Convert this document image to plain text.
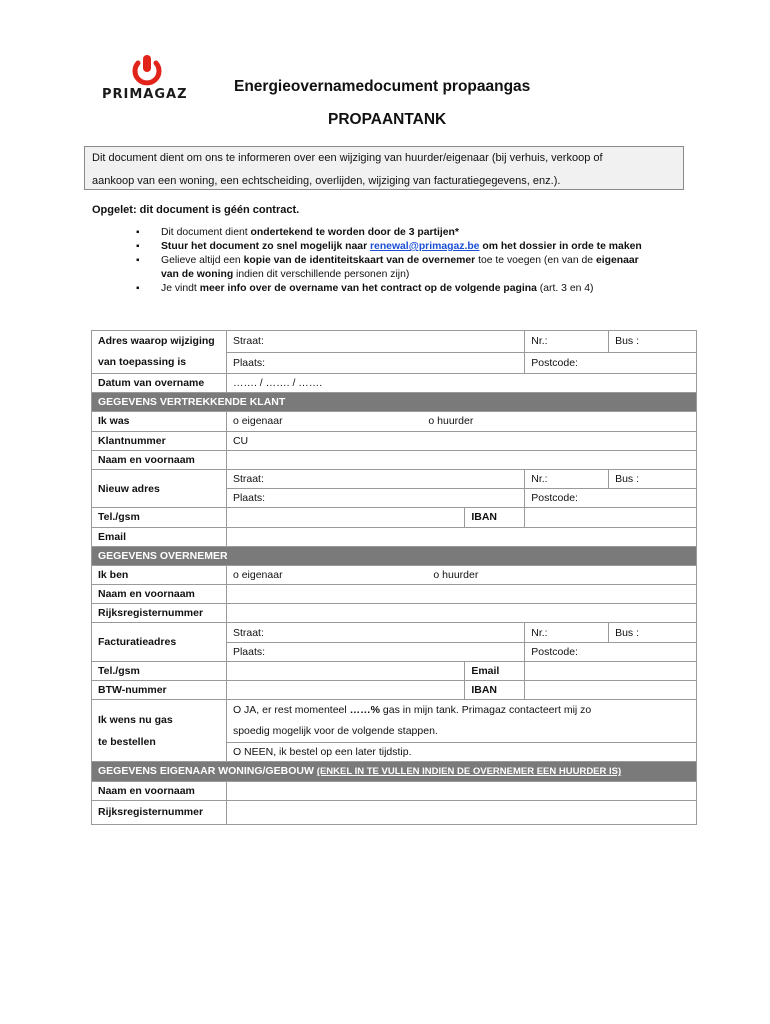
PRIMAGAZ	Energieovernamedocument propaangas
PROPAANTANK
Dit document dient om ons te informeren over een wijziging van huurder/eigenaar (bij verhuis, verkoop of
aankoop van een woning, een echtscheiding, overlijden, wijziging van facturatiegegevens, enz.).
Opgelet: dit document is géén contract.
▪ Dit document dient ondertekend te worden door de 3 partijen*
▪ Stuur het document zo snel mogelijk naar renewal@primagaz.be om het dossier in orde te maken
▪ Gelieve altijd een kopie van de identiteitskaart van de overnemer toe te voegen (en van de eigenaar van de woning indien dit verschillende personen zijn)
▪ Je vindt meer info over de overname van het contract op de volgende pagina (art. 3 en 4)
Adres waarop wijziging
van toepassing is	Straat:		Nr.:	Bus :
	Plaats:		Postcode:	
Datum van overname	……. / ……. / …….			
GEGEVENS VERTREKKENDE KLANT				
Ik was	o eigenaar o huurder			
Klantnummer	CU			
Naam en voornaam				
Nieuw adres	Straat:		Nr.:	Bus :
	Plaats:		Postcode:	
Tel./gsm		IBAN		
Email				
GEGEVENS OVERNEMER				
Ik ben	o eigenaar o huurder			
Naam en voornaam				
Rijksregisternummer				
Facturatieadres	Straat:		Nr.:	Bus :
	Plaats:		Postcode:	
Tel./gsm		Email		
BTW-nummer		IBAN		
Ik wens nu gas
te bestellen	O JA, er rest momenteel ……% gas in mijn tank. Primagaz contacteert mij zo
spoedig mogelijk voor de volgende stappen.			
	O NEEN, ik bestel op een later tijdstip.			
GEGEVENS EIGENAAR WONING/GEBOUW (ENKEL IN TE VULLEN INDIEN DE OVERNEMER EEN HUURDER IS)				
Naam en voornaam				
Rijksregisternummer				
